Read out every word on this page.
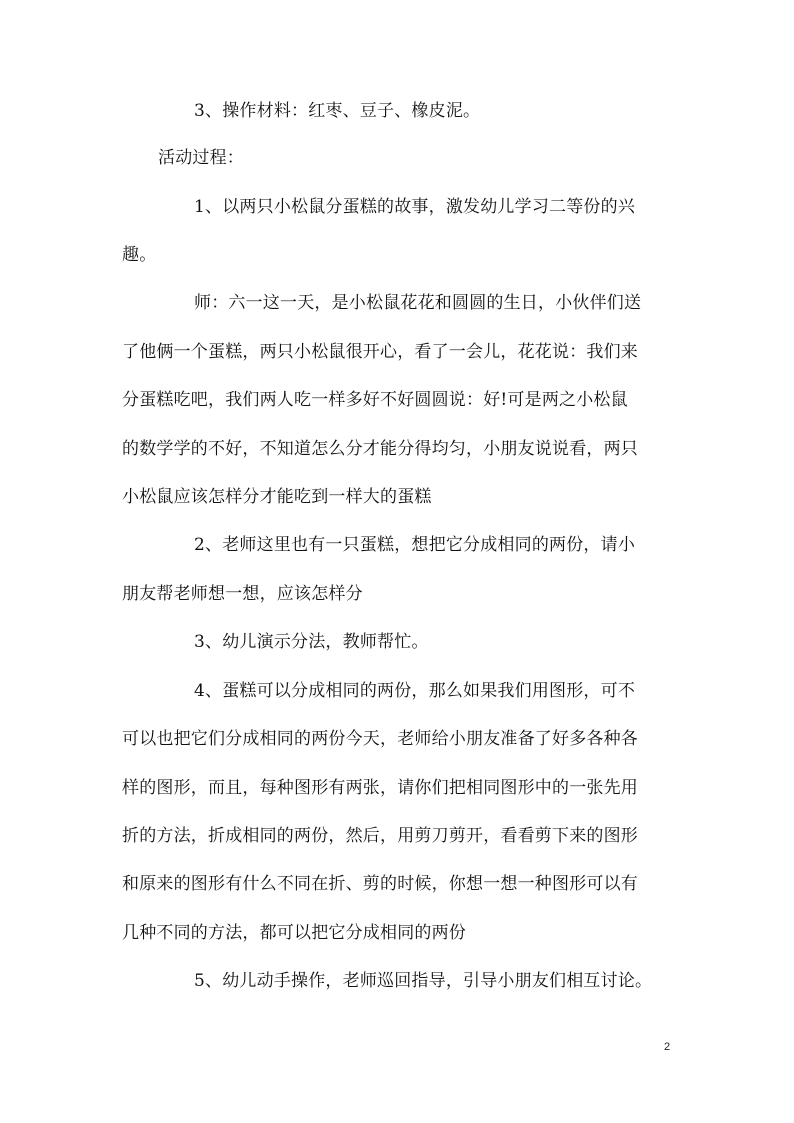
3、操作材料：红枣、豆子、橡皮泥。
活动过程：
1、以两只小松鼠分蛋糕的故事，激发幼儿学习二等份的兴
趣。
师：六一这一天，是小松鼠花花和圆圆的生日，小伙伴们送
了他俩一个蛋糕，两只小松鼠很开心，看了一会儿，花花说：我们来
分蛋糕吃吧，我们两人吃一样多好不好圆圆说：好!可是两之小松鼠
的数学学的不好，不知道怎么分才能分得均匀，小朋友说说看，两只
小松鼠应该怎样分才能吃到一样大的蛋糕
2、老师这里也有一只蛋糕，想把它分成相同的两份，请小
朋友帮老师想一想，应该怎样分
3、幼儿演示分法，教师帮忙。
4、蛋糕可以分成相同的两份，那么如果我们用图形，可不
可以也把它们分成相同的两份今天，老师给小朋友准备了好多各种各
样的图形，而且，每种图形有两张，请你们把相同图形中的一张先用
折的方法，折成相同的两份，然后，用剪刀剪开，看看剪下来的图形
和原来的图形有什么不同在折、剪的时候，你想一想一种图形可以有
几种不同的方法，都可以把它分成相同的两份
5、幼儿动手操作，老师巡回指导，引导小朋友们相互讨论。
2
